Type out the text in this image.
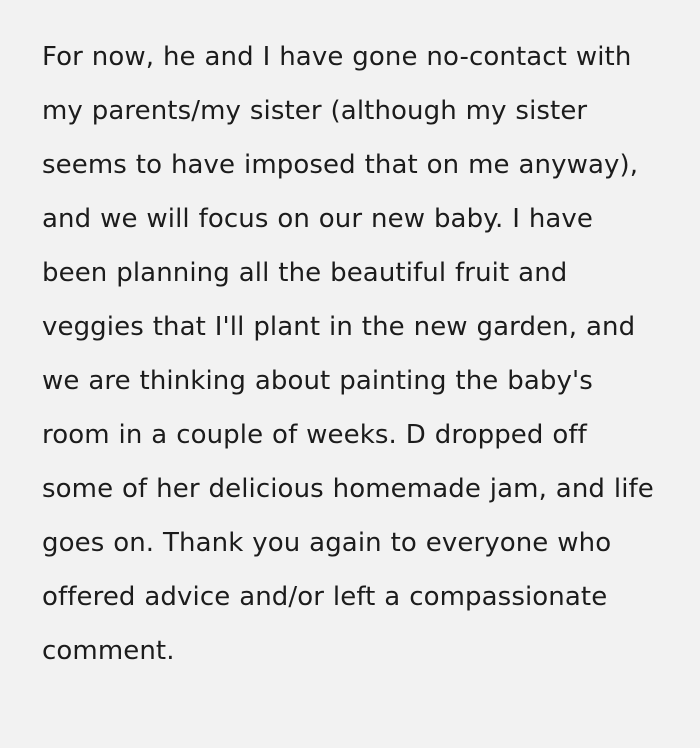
For now, he and I have gone no-contact with my parents/my sister (although my sister seems to have imposed that on me anyway), and we will focus on our new baby. I have been planning all the beautiful fruit and veggies that I'll plant in the new garden, and we are thinking about painting the baby's room in a couple of weeks. D dropped off some of her delicious homemade jam, and life goes on. Thank you again to everyone who offered advice and/or left a compassionate comment.
